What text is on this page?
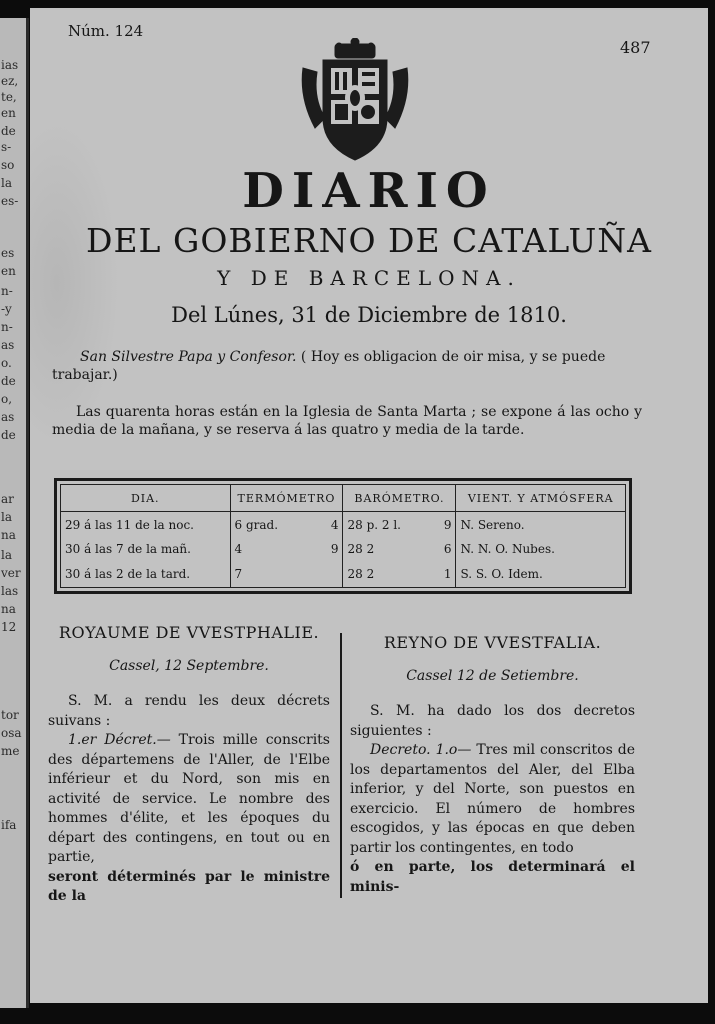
ias
ez,
te,
en
de
s-
so
la
es-
es
en
n-
-y
n-
as
o.
de
o,
as
de
ar
la
na
la
ver
las
na
12
tor
osa
me
ifa
Núm. 124
487
DIARIO
DEL GOBIERNO DE CATALUÑA
Y DE BARCELONA.
Del Lúnes, 31 de Diciembre de 1810.
San Silvestre Papa y Confesor. ( Hoy es obligacion de oir misa, y se puede trabajar.)
Las quarenta horas están en la Iglesia de Santa Marta ; se expone á las ocho y media de la mañana, y se reserva á las quatro y media de la tarde.
DIA.	TERMÓMETRO		BARÓMETRO.		VIENT. Y ATMÓSFERA
29 á las 11 de la noc.	6 grad.	4	28 p. 2 l.	9	N. Sereno.
30 á las 7 de la mañ.	4	9	28 2	6	N. N. O. Nubes.
30 á las 2 de la tard.	7		28 2	1	S. S. O. Idem.
ROYAUME DE VVESTPHALIE.
Cassel, 12 Septembre.

S. M. a rendu les deux décrets suivans :

1.er Décret.— Trois mille conscrits des départemens de l'Aller, de l'Elbe inférieur et du Nord, son mis en activité de service. Le nombre des hommes d'élite, et les époques du départ des contingens, en tout ou en partie,

seront déterminés par le ministre de la

REYNO DE VVESTFALIA.
Cassel 12 de Setiembre.

S. M. ha dado los dos decretos siguientes :

Decreto. 1.o— Tres mil conscritos de los departamentos del Aler, del Elba inferior, y del Norte, son puestos en exercicio. El número de hombres escogidos, y las épocas en que deben partir los contingentes, en todo

ó en parte, los determinará el minis-
